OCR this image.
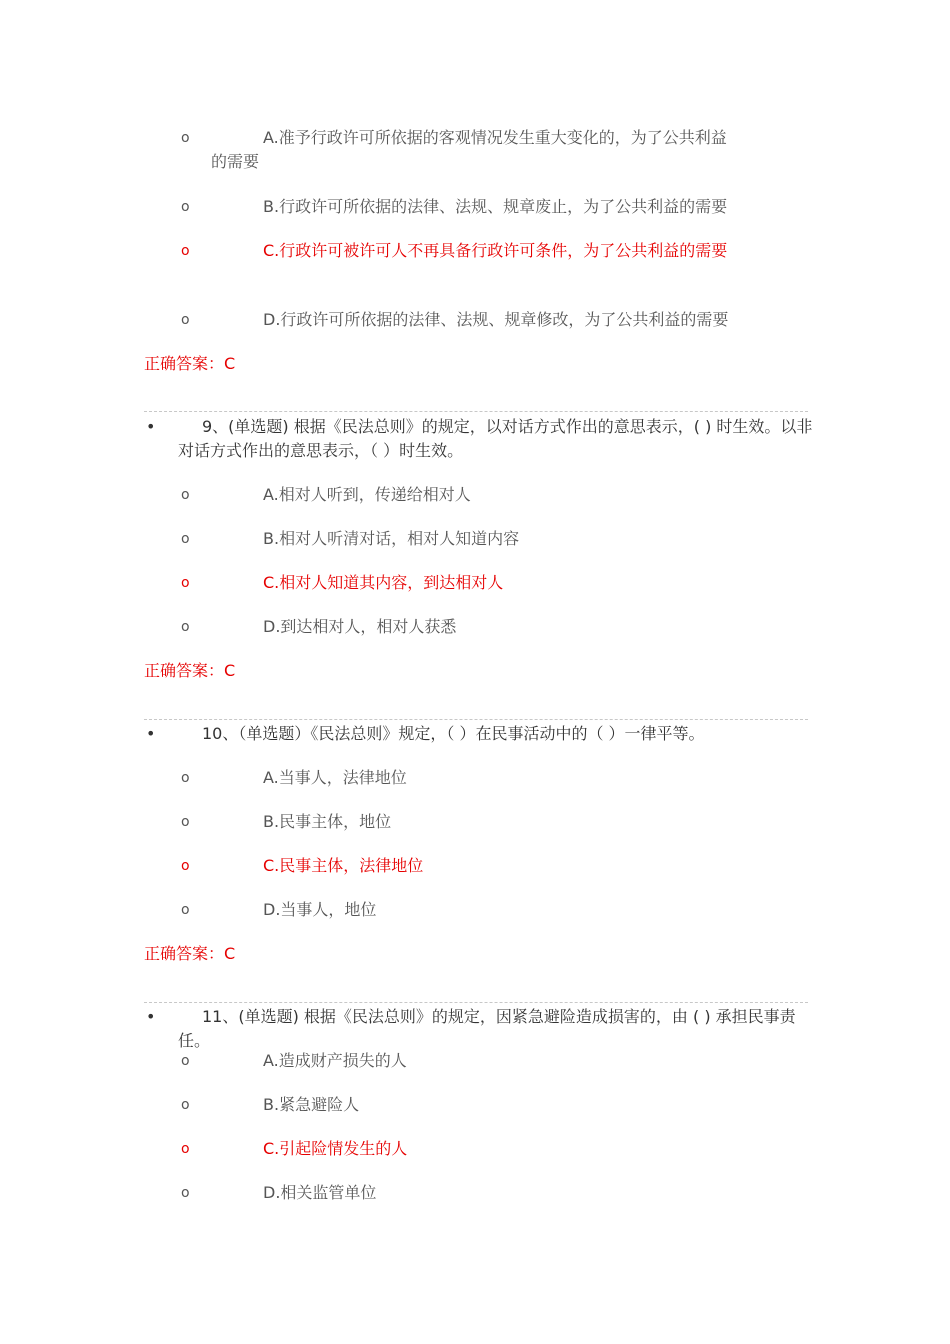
o	A.准予行政许可所依据的客观情况发生重大变化的，为了公共利益的需要
o	B.行政许可所依据的法律、法规、规章废止，为了公共利益的需要
o	C.行政许可被许可人不再具备行政许可条件，为了公共利益的需要
o	D.行政许可所依据的法律、法规、规章修改，为了公共利益的需要
正确答案：C
•	9、(单选题) 根据《民法总则》的规定，以对话方式作出的意思表示，( ) 时生效。以非对话方式作出的意思表示，（ ）时生效。
o	A.相对人听到，传递给相对人
o	B.相对人听清对话，相对人知道内容
o	C.相对人知道其内容，到达相对人
o	D.到达相对人，相对人获悉
正确答案：C
•	10、（单选题）《民法总则》规定，（ ）在民事活动中的（ ）一律平等。
o	A.当事人，法律地位
o	B.民事主体，地位
o	C.民事主体，法律地位
o	D.当事人，地位
正确答案：C
•	11、(单选题) 根据《民法总则》的规定，因紧急避险造成损害的，由 ( ) 承担民事责任。
o	A.造成财产损失的人
o	B.紧急避险人
o	C.引起险情发生的人
o	D.相关监管单位
